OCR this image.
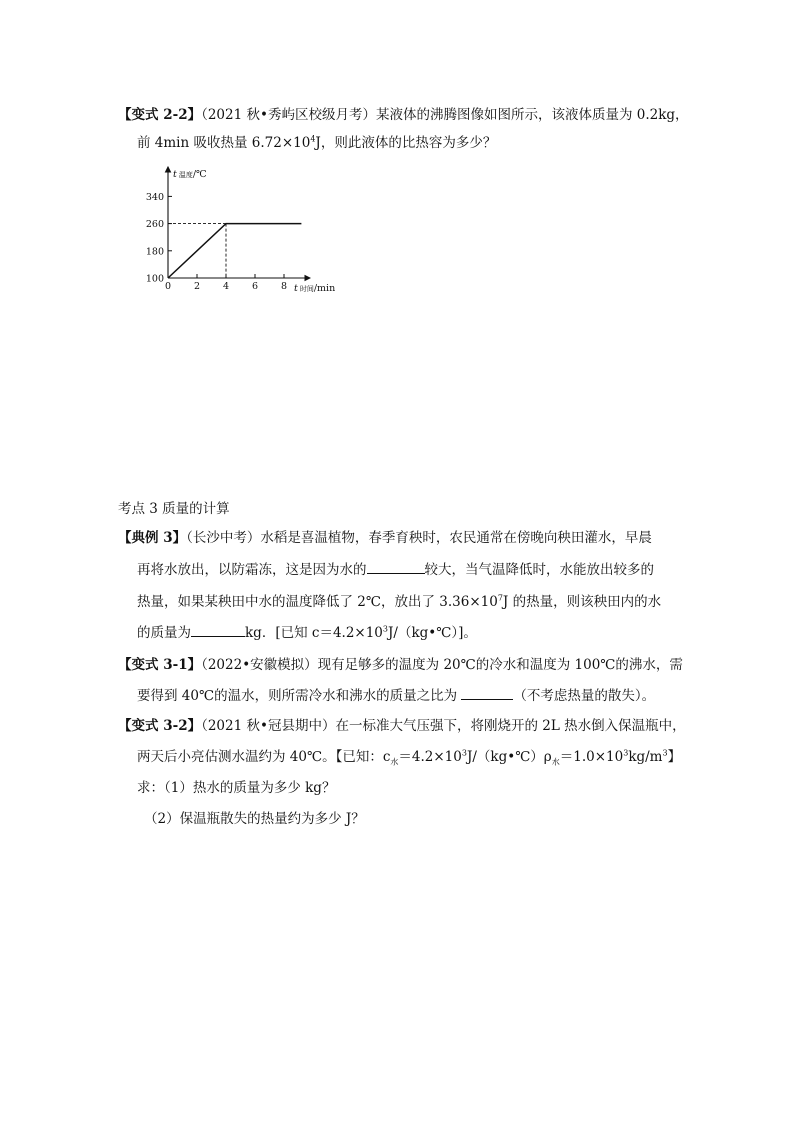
【变式 2-2】（2021 秋•秀屿区校级月考）某液体的沸腾图像如图所示，该液体质量为 0.2kg，
前 4min 吸收热量 $6.72\times 10^4J$，则此液体的比热容为多少？
340
260
180
100
0 2 4 6 8
t 温度/℃
t 时间/min
考点 3 质量的计算
【典例 3】（长沙中考）水稻是喜温植物，春季育秧时，农民通常在傍晚向秧田灌水，早晨
再将水放出，以防霜冻，这是因为水的	较大，当气温降低时，水能放出较多的
热量，如果某秧田中水的温度降低了 2℃，放出了 $3.36\times 10^7J$ 的热量，则该秧田内的水
的质量为	kg．[已知 $c=4.2\times 10^3J/(kg•℃)$]。
【变式 3-1】（2022•安徽模拟）现有足够多的温度为 20℃的冷水和温度为 100℃的沸水，需
要得到 40℃的温水，则所需冷水和沸水的质量之比为	（不考虑热量的散失）。
【变式 3-2】（2021 秋•冠县期中）在一标准大气压强下，将刚烧开的 2L 热水倒入保温瓶中，
两天后小亮估测水温约为 40℃。【已知：$c_水=4.2\times 10^3J/(kg•℃)\rho_水=1.0\times 10^3kg/m^3$】
求：（1）热水的质量为多少 kg？
（2）保温瓶散失的热量约为多少 J？
